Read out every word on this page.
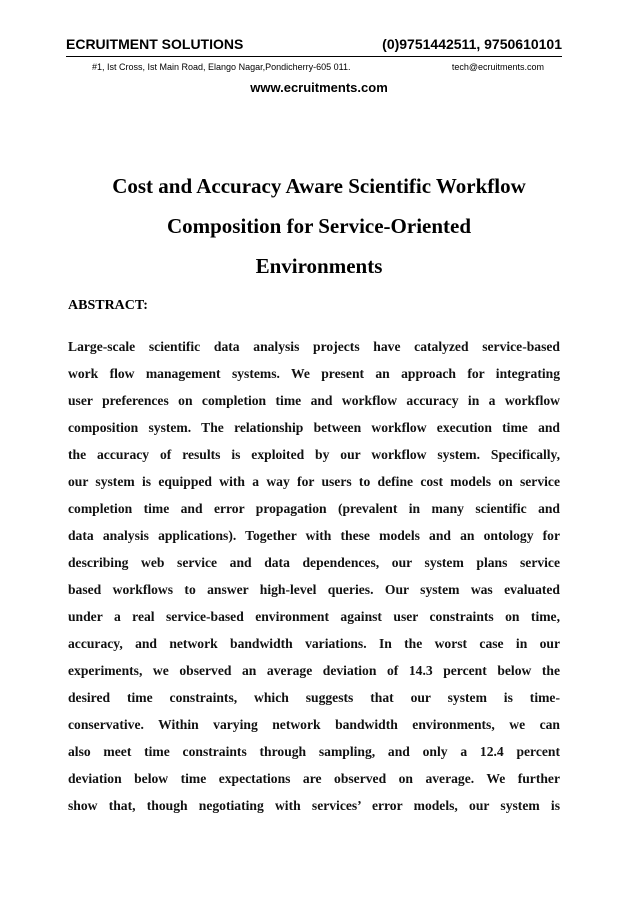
ECRUITMENT SOLUTIONS	(0)9751442511, 9750610101
#1, Ist Cross, Ist Main Road, Elango Nagar,Pondicherry-605 011.	tech@ecruitments.com
www.ecruitments.com
Cost and Accuracy Aware Scientific Workflow
Composition for Service-Oriented
Environments
ABSTRACT:
Large-scale scientific data analysis projects have catalyzed service-based
work flow management systems. We present an approach for integrating
user preferences on completion time and workflow accuracy in a workflow
composition system. The relationship between workflow execution time and
the accuracy of results is exploited by our workflow system. Specifically,
our system is equipped with a way for users to define cost models on service
completion time and error propagation (prevalent in many scientific and
data analysis applications). Together with these models and an ontology for
describing web service and data dependences, our system plans service
based workflows to answer high-level queries. Our system was evaluated
under a real service-based environment against user constraints on time,
accuracy, and network bandwidth variations. In the worst case in our
experiments, we observed an average deviation of 14.3 percent below the
desired time constraints, which suggests that our system is time-
conservative. Within varying network bandwidth environments, we can
also meet time constraints through sampling, and only a 12.4 percent
deviation below time expectations are observed on average. We further
show that, though negotiating with services’ error models, our system is
